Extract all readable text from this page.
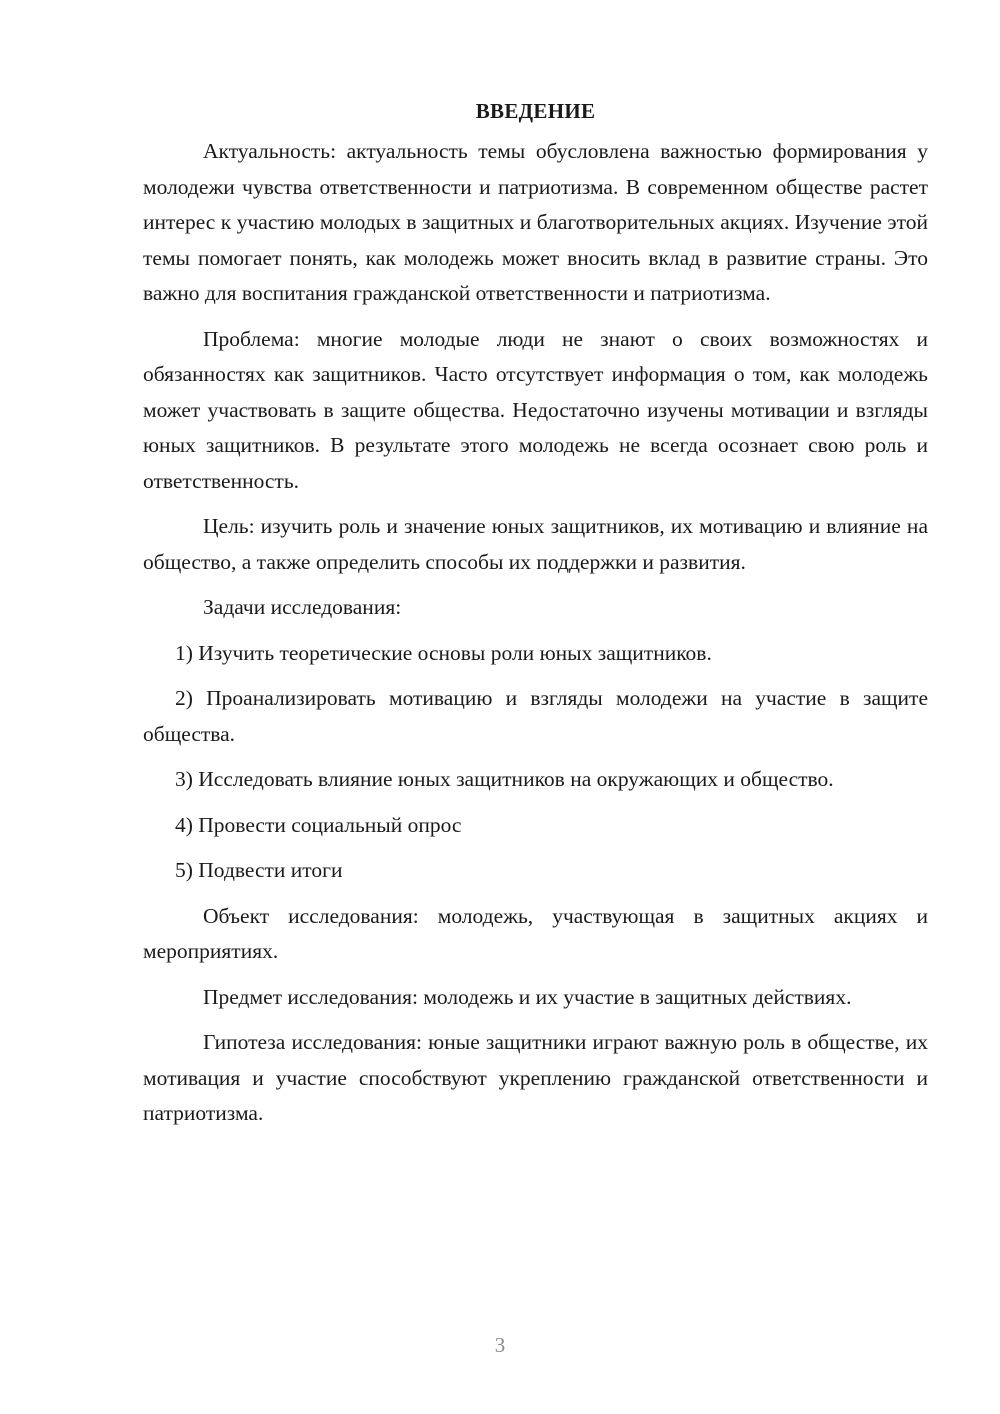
ВВЕДЕНИЕ

Актуальность: актуальность темы обусловлена важностью формирования у молодежи чувства ответственности и патриотизма. В современном обществе растет интерес к участию молодых в защитных и благотворительных акциях. Изучение этой темы помогает понять, как молодежь может вносить вклад в развитие страны. Это важно для воспитания гражданской ответственности и патриотизма.

Проблема: многие молодые люди не знают о своих возможностях и обязанностях как защитников. Часто отсутствует информация о том, как молодежь может участвовать в защите общества. Недостаточно изучены мотивации и взгляды юных защитников. В результате этого молодежь не всегда осознает свою роль и ответственность.

Цель: изучить роль и значение юных защитников, их мотивацию и влияние на общество, а также определить способы их поддержки и развития.

Задачи исследования:

1) Изучить теоретические основы роли юных защитников.

2) Проанализировать мотивацию и взгляды молодежи на участие в защите общества.

3) Исследовать влияние юных защитников на окружающих и общество.

4) Провести социальный опрос

5) Подвести итоги

Объект исследования: молодежь, участвующая в защитных акциях и мероприятиях.

Предмет исследования: молодежь и их участие в защитных действиях.

Гипотеза исследования: юные защитники играют важную роль в обществе, их мотивация и участие способствуют укреплению гражданской ответственности и патриотизма.

3
